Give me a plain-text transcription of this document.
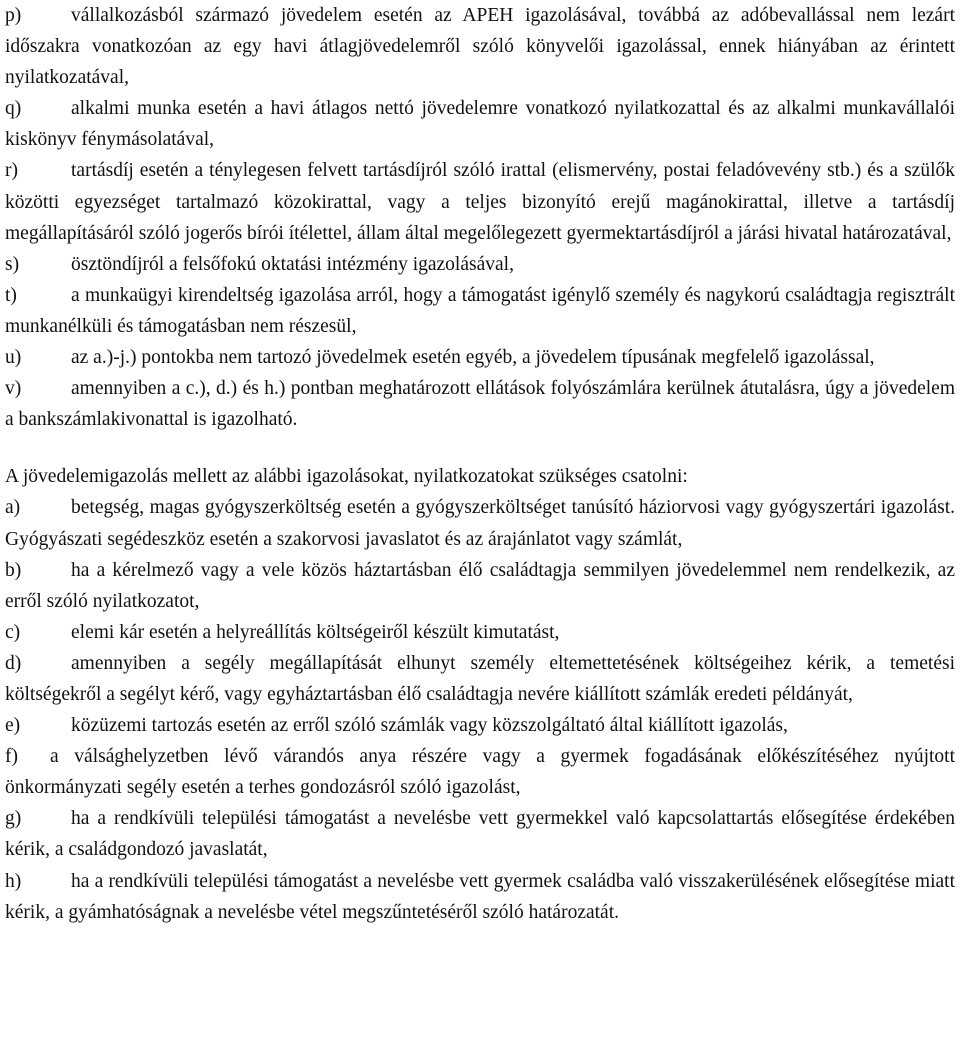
p)	vállalkozásból származó jövedelem esetén az APEH igazolásával, továbbá az adóbevallással nem lezárt időszakra vonatkozóan az egy havi átlagjövedelemről szóló könyvelői igazolással, ennek hiányában az érintett nyilatkozatával,

q)	alkalmi munka esetén a havi átlagos nettó jövedelemre vonatkozó nyilatkozattal és az alkalmi munkavállalói kiskönyv fénymásolatával,

r)	tartásdíj esetén a ténylegesen felvett tartásdíjról szóló irattal (elismervény, postai feladóvevény stb.) és a szülők közötti egyezséget tartalmazó közokirattal, vagy a teljes bizonyító erejű magánokirattal, illetve a tartásdíj megállapításáról szóló jogerős bírói ítélettel, állam által megelőlegezett gyermektartásdíjról a járási hivatal határozatával,

s)	ösztöndíjról a felsőfokú oktatási intézmény igazolásával,

t)	a munkaügyi kirendeltség igazolása arról, hogy a támogatást igénylő személy és nagykorú családtagja regisztrált munkanélküli és támogatásban nem részesül,

u)	az a.)-j.) pontokba nem tartozó jövedelmek esetén egyéb, a jövedelem típusának megfelelő igazolással,

v)	amennyiben a c.), d.) és h.) pontban meghatározott ellátások folyószámlára kerülnek átutalásra, úgy a jövedelem a bankszámlakivonattal is igazolható.

A jövedelemigazolás mellett az alábbi igazolásokat, nyilatkozatokat szükséges csatolni:

a)	betegség, magas gyógyszerköltség esetén a gyógyszerköltséget tanúsító háziorvosi vagy gyógyszertári igazolást. Gyógyászati segédeszköz esetén a szakorvosi javaslatot és az árajánlatot vagy számlát,

b)	ha a kérelmező vagy a vele közös háztartásban élő családtagja semmilyen jövedelemmel nem rendelkezik, az erről szóló nyilatkozatot,

c)	elemi kár esetén a helyreállítás költségeiről készült kimutatást,

d)	amennyiben a segély megállapítását elhunyt személy eltemettetésének költségeihez kérik, a temetési költségekről a segélyt kérő, vagy egyháztartásban élő családtagja nevére kiállított számlák eredeti példányát,

e)	közüzemi tartozás esetén az erről szóló számlák vagy közszolgáltató által kiállított igazolás,

f) a válsághelyzetben lévő várandós anya részére vagy a gyermek fogadásának előkészítéséhez nyújtott önkormányzati segély esetén a terhes gondozásról szóló igazolást,

g)	ha a rendkívüli települési támogatást a nevelésbe vett gyermekkel való kapcsolattartás elősegítése érdekében kérik, a családgondozó javaslatát,

h)	ha a rendkívüli települési támogatást a nevelésbe vett gyermek családba való visszakerülésének elősegítése miatt kérik, a gyámhatóságnak a nevelésbe vétel megszűntetéséről szóló határozatát.
